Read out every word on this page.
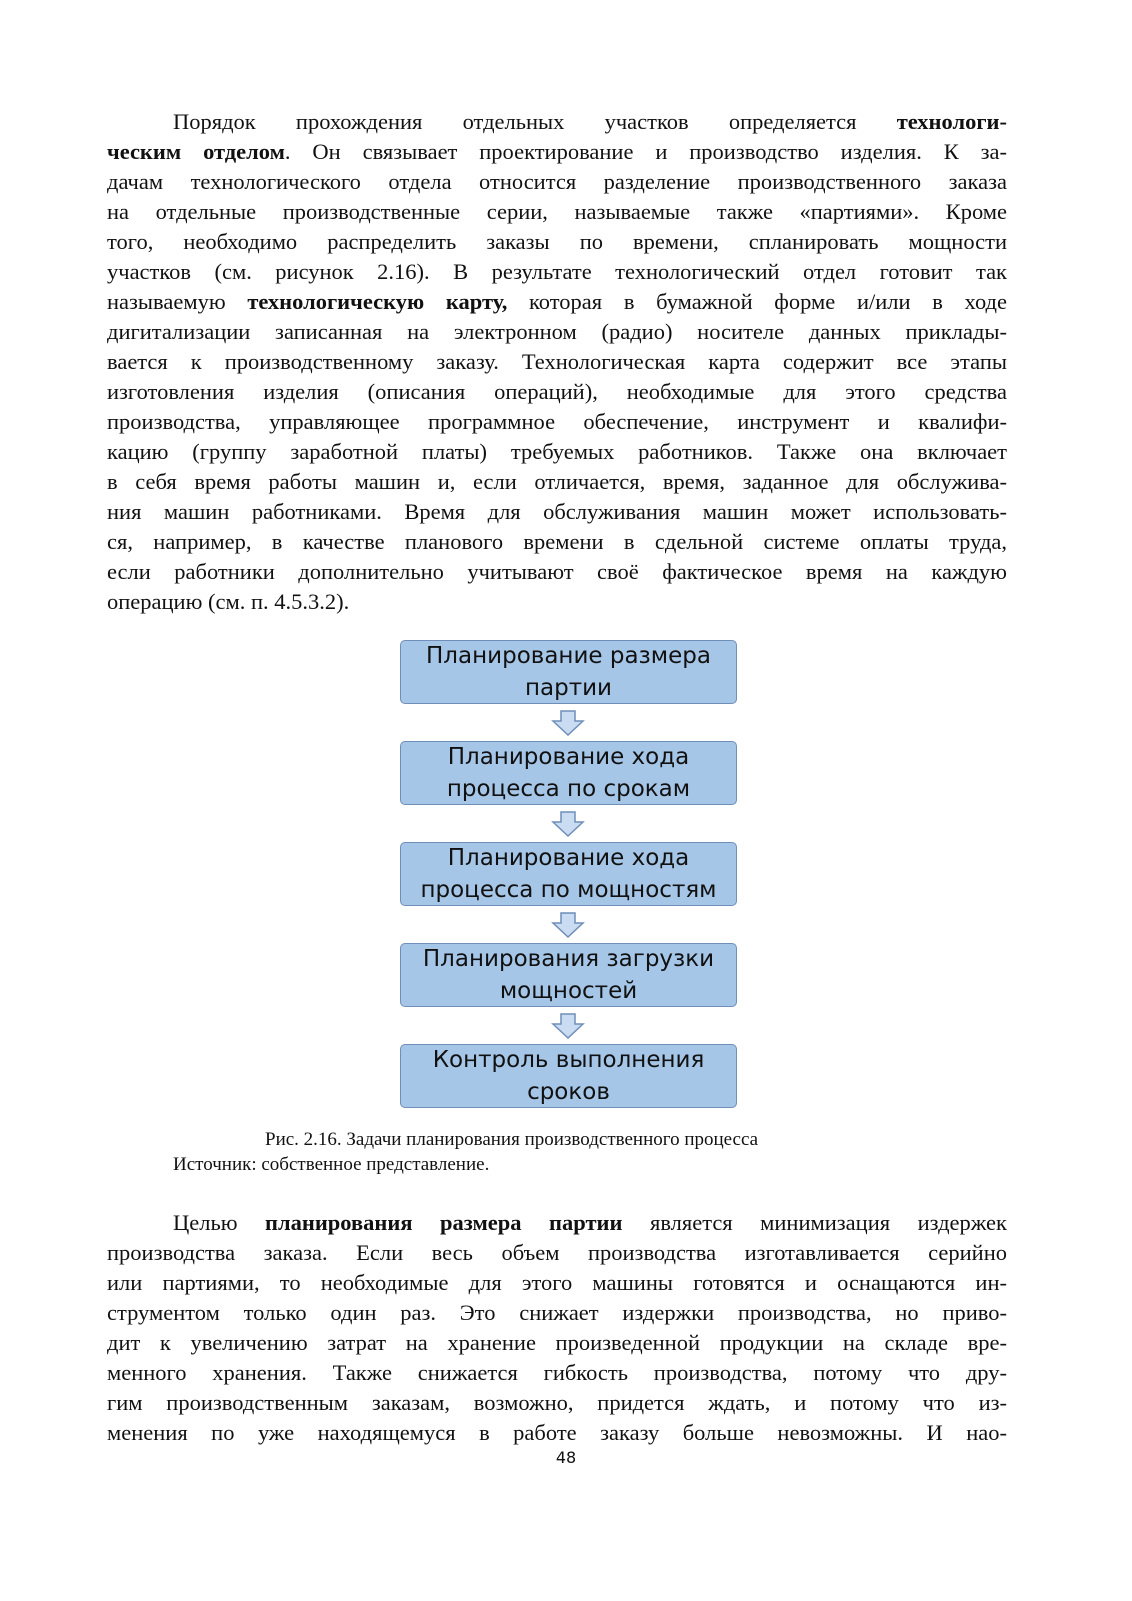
Порядок прохождения отдельных участков определяется технологи-
ческим отделом. Он связывает проектирование и производство изделия. К за-
дачам технологического отдела относится разделение производственного заказа
на отдельные производственные серии, называемые также «партиями». Кроме
того, необходимо распределить заказы по времени, спланировать мощности
участков (см. рисунок 2.16). В результате технологический отдел готовит так
называемую технологическую карту, которая в бумажной форме и/или в ходе
дигитализации записанная на электронном (радио) носителе данных приклады-
вается к производственному заказу. Технологическая карта содержит все этапы
изготовления изделия (описания операций), необходимые для этого средства
производства, управляющее программное обеспечение, инструмент и квалифи-
кацию (группу заработной платы) требуемых работников. Также она включает
в себя время работы машин и, если отличается, время, заданное для обслужива-
ния машин работниками. Время для обслуживания машин может использовать-
ся, например, в качестве планового времени в сдельной системе оплаты труда,
если работники дополнительно учитывают своё фактическое время на каждую
операцию (см. п. 4.5.3.2).
Планирование размера
партии
Планирование хода
процесса по срокам
Планирование хода
процесса по мощностям
Планирования загрузки
мощностей
Контроль выполнения
сроков
Рис. 2.16. Задачи планирования производственного процесса
Источник: собственное представление.
Целью планирования размера партии является минимизация издержек
производства заказа. Если весь объем производства изготавливается серийно
или партиями, то необходимые для этого машины готовятся и оснащаются ин-
струментом только один раз. Это снижает издержки производства, но приво-
дит к увеличению затрат на хранение произведенной продукции на складе вре-
менного хранения. Также снижается гибкость производства, потому что дру-
гим производственным заказам, возможно, придется ждать, и потому что из-
менения по уже находящемуся в работе заказу больше невозможны. И нао-
48
